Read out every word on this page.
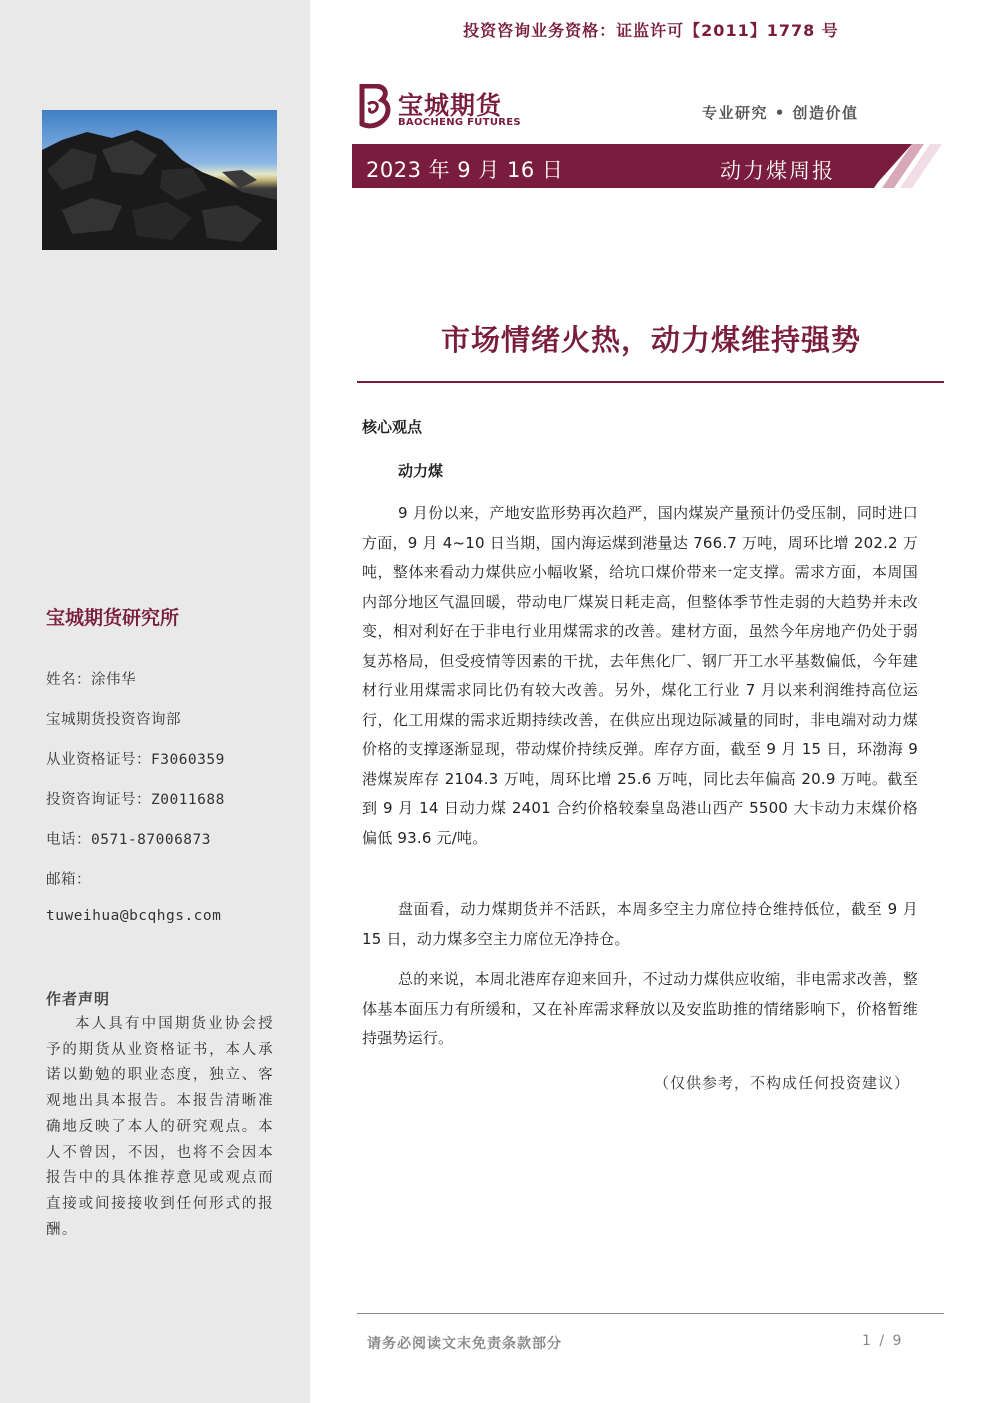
宝城期货研究所
姓名：涂伟华
宝城期货投资咨询部
从业资格证号：F3060359
投资咨询证号：Z0011688
电话：0571-87006873
邮箱：
tuweihua@bcqhgs.com
作者声明

本人具有中国期货业协会授予的期货从业资格证书，本人承诺以勤勉的职业态度，独立、客观地出具本报告。本报告清晰准确地反映了本人的研究观点。本人不曾因，不因，也将不会因本报告中的具体推荐意见或观点而直接或间接接收到任何形式的报酬。

投资咨询业务资格：证监许可【2011】1778 号
宝城期货
BAOCHENG FUTURES
专业研究 • 创造价值
2023 年 9 月 16 日	动力煤周报
市场情绪火热，动力煤维持强势
核心观点
动力煤

9 月份以来，产地安监形势再次趋严，国内煤炭产量预计仍受压制，同时进口方面，9 月 4~10 日当期，国内海运煤到港量达 766.7 万吨，周环比增 202.2 万吨，整体来看动力煤供应小幅收紧，给坑口煤价带来一定支撑。需求方面，本周国内部分地区气温回暖，带动电厂煤炭日耗走高，但整体季节性走弱的大趋势并未改变，相对利好在于非电行业用煤需求的改善。建材方面，虽然今年房地产仍处于弱复苏格局，但受疫情等因素的干扰，去年焦化厂、钢厂开工水平基数偏低，今年建材行业用煤需求同比仍有较大改善。另外，煤化工行业 7 月以来利润维持高位运行，化工用煤的需求近期持续改善，在供应出现边际减量的同时，非电端对动力煤价格的支撑逐渐显现，带动煤价持续反弹。库存方面，截至 9 月 15 日，环渤海 9 港煤炭库存 2104.3 万吨，周环比增 25.6 万吨，同比去年偏高 20.9 万吨。截至到 9 月 14 日动力煤 2401 合约价格较秦皇岛港山西产 5500 大卡动力末煤价格偏低 93.6 元/吨。

盘面看，动力煤期货并不活跃，本周多空主力席位持仓维持低位，截至 9 月 15 日，动力煤多空主力席位无净持仓。

总的来说，本周北港库存迎来回升，不过动力煤供应收缩，非电需求改善，整体基本面压力有所缓和，又在补库需求释放以及安监助推的情绪影响下，价格暂维持强势运行。

（仅供参考，不构成任何投资建议）
请务必阅读文末免责条款部分	1 / 9
